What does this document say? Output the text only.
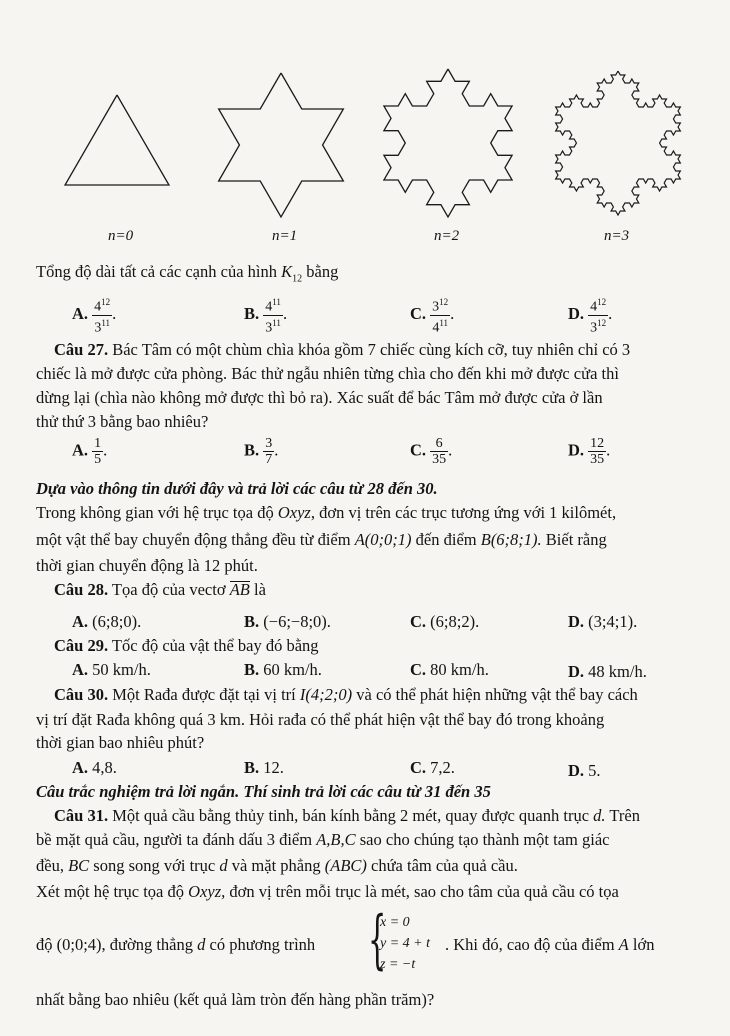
n=0	n=1	n=2	n=3
Tổng độ dài tất cả các cạnh của hình $K_{12}$ bằng
A. $\frac{4^{12}}{3^{11}}$ .	B. $\frac{4^{11}}{3^{11}}$ .	C. $\frac{3^{12}}{4^{11}}$ .	D. $\frac{4^{12}}{3^{12}}$ .
Câu 27. Bác Tâm có một chùm chìa khóa gồm 7 chiếc cùng kích cỡ, tuy nhiên chỉ có 3
chiếc là mở được cửa phòng. Bác thử ngẫu nhiên từng chìa cho đến khi mở được cửa thì
dừng lại (chìa nào không mở được thì bỏ ra). Xác suất để bác Tâm mở được cửa ở lần
thử thứ 3 bằng bao nhiêu?
A. $\frac{1}{5}$ .	B. $\frac{3}{7}$ .	C. $\frac{6}{35}$ .	D. $\frac{12}{35}$ .
Dựa vào thông tin dưới đây và trả lời các câu từ 28 đến 30.
Trong không gian với hệ trục tọa độ Oxyz, đơn vị trên các trục tương ứng với 1 kilômét,
một vật thể bay chuyển động thẳng đều từ điểm A(0;0;1) đến điểm B(6;8;1). Biết rằng
thời gian chuyển động là 12 phút.
Câu 28. Tọa độ của vectơ AB là
A. (6;8;0).	B. (−6;−8;0).	C. (6;8;2).	D. (3;4;1).
Câu 29. Tốc độ của vật thể bay đó bằng
A. 50 km/h.	B. 60 km/h.	C. 80 km/h.	D. 48 km/h.
Câu 30. Một Rađa được đặt tại vị trí I(4;2;0) và có thể phát hiện những vật thể bay cách
vị trí đặt Rađa không quá 3 km. Hỏi rađa có thể phát hiện vật thể bay đó trong khoảng
thời gian bao nhiêu phút?
A. 4,8.	B. 12.	C. 7,2.	D. 5.
Câu trắc nghiệm trả lời ngắn. Thí sinh trả lời các câu từ 31 đến 35
Câu 31. Một quả cầu bằng thủy tinh, bán kính bằng 2 mét, quay được quanh trục d. Trên
bề mặt quả cầu, người ta đánh dấu 3 điểm A,B,C sao cho chúng tạo thành một tam giác
đều, BC song song với trục d và mặt phẳng (ABC) chứa tâm của quả cầu.
Xét một hệ trục tọa độ Oxyz, đơn vị trên mỗi trục là mét, sao cho tâm của quả cầu có tọa
độ (0;0;4), đường thẳng d có phương trình {
x = 0
y = 4 + t
z = −t
. Khi đó, cao độ của điểm A lớn
nhất bằng bao nhiêu (kết quả làm tròn đến hàng phần trăm)?
